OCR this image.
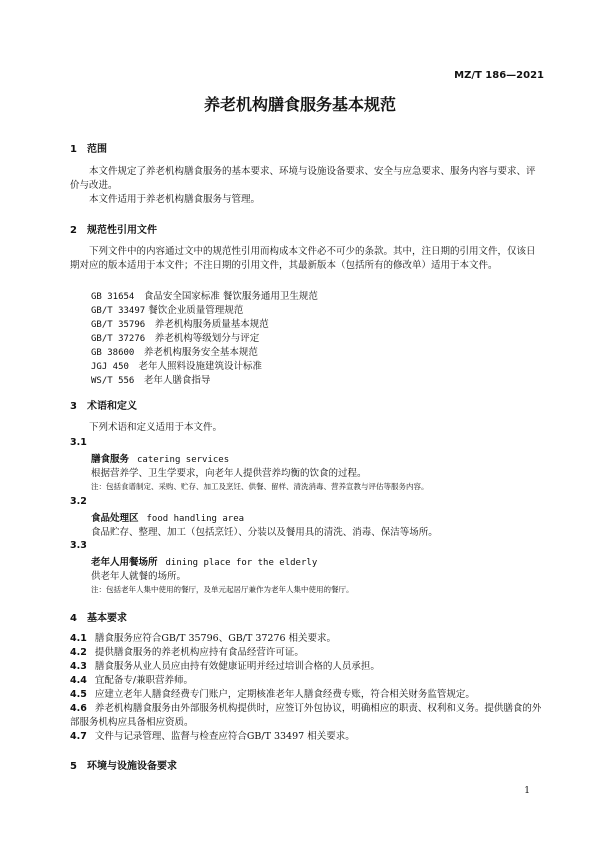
MZ/T 186—2021
养老机构膳食服务基本规范
1　范围
本文件规定了养老机构膳食服务的基本要求、环境与设施设备要求、安全与应急要求、服务内容与要求、评价与改进。
本文件适用于养老机构膳食服务与管理。
2　规范性引用文件
下列文件中的内容通过文中的规范性引用而构成本文件必不可少的条款。其中，注日期的引用文件，仅该日期对应的版本适用于本文件；不注日期的引用文件，其最新版本（包括所有的修改单）适用于本文件。
GB 31654　 食品安全国家标准 餐饮服务通用卫生规范
GB/T 33497 餐饮企业质量管理规范
GB/T 35796　 养老机构服务质量基本规范
GB/T 37276　 养老机构等级划分与评定
GB 38600　 养老机构服务安全基本规范
JGJ 450　 老年人照料设施建筑设计标准
WS/T 556　 老年人膳食指导
3　术语和定义
下列术语和定义适用于本文件。
3.1
膳食服务 catering services
根据营养学、卫生学要求，向老年人提供营养均衡的饮食的过程。
注：包括食谱制定、采购、贮存、加工及烹饪、供餐、留样、清洗消毒、营养宣教与评估等服务内容。
3.2
食品处理区 food handling area
食品贮存、整理、加工（包括烹饪）、分装以及餐用具的清洗、消毒、保洁等场所。
3.3
老年人用餐场所 dining place for the elderly
供老年人就餐的场所。
注：包括老年人集中使用的餐厅，及单元起居厅兼作为老年人集中使用的餐厅。
4　基本要求
4.1 膳食服务应符合GB/T 35796、GB/T 37276 相关要求。
4.2 提供膳食服务的养老机构应持有食品经营许可证。
4.3 膳食服务从业人员应由持有效健康证明并经过培训合格的人员承担。
4.4 宜配备专/兼职营养师。
4.5 应建立老年人膳食经费专门账户，定期核准老年人膳食经费专账，符合相关财务监管规定。
4.6 养老机构膳食服务由外部服务机构提供时，应签订外包协议，明确相应的职责、权利和义务。提供膳食的外部服务机构应具备相应资质。
4.7 文件与记录管理、监督与检查应符合GB/T 33497 相关要求。
5　环境与设施设备要求
1
